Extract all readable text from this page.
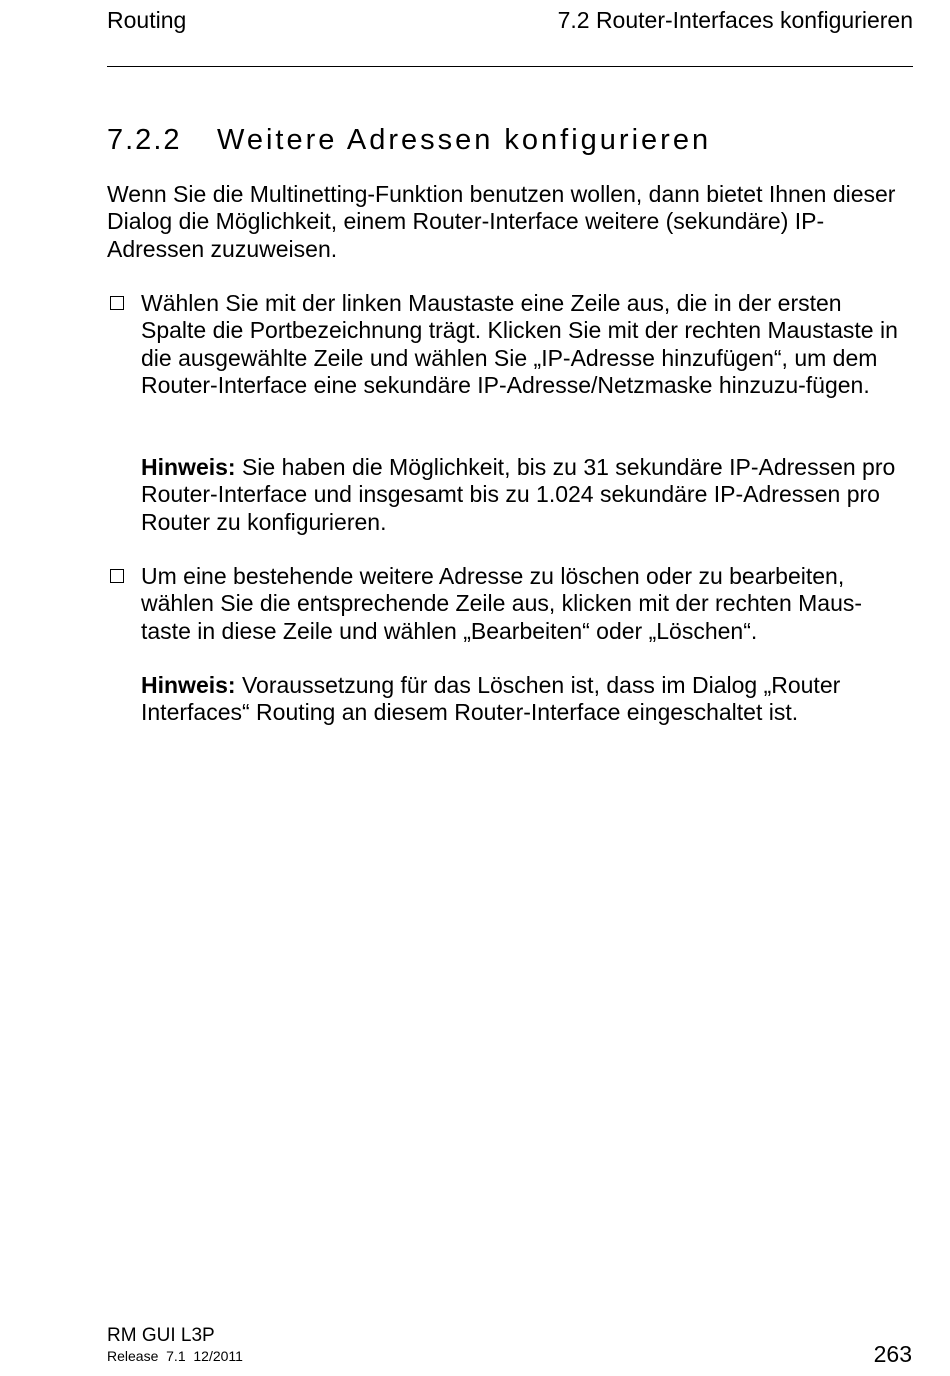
Routing	7.2 Router-Interfaces konfigurieren
7.2.2 Weitere Adressen konfigurieren
Wenn Sie die Multinetting-Funktion benutzen wollen, dann bietet Ihnen dieser Dialog die Möglichkeit, einem Router-Interface weitere (sekundäre) IP-Adressen zuzuweisen.
Wählen Sie mit der linken Maustaste eine Zeile aus, die in der ersten Spalte die Portbezeichnung trägt. Klicken Sie mit der rechten Maustaste in die ausgewählte Zeile und wählen Sie „IP-Adresse hinzufügen“, um dem Router-Interface eine sekundäre IP-Adresse/Netzmaske hinzuzu-fügen.
Hinweis: Sie haben die Möglichkeit, bis zu 31 sekundäre IP-Adressen pro Router-Interface und insgesamt bis zu 1.024 sekundäre IP-Adressen pro Router zu konfigurieren.
Um eine bestehende weitere Adresse zu löschen oder zu bearbeiten, wählen Sie die entsprechende Zeile aus, klicken mit der rechten Maus-taste in diese Zeile und wählen „Bearbeiten“ oder „Löschen“.
Hinweis: Voraussetzung für das Löschen ist, dass im Dialog „Router Interfaces“ Routing an diesem Router-Interface eingeschaltet ist.
RM GUI L3P
Release  7.1  12/2011	263
